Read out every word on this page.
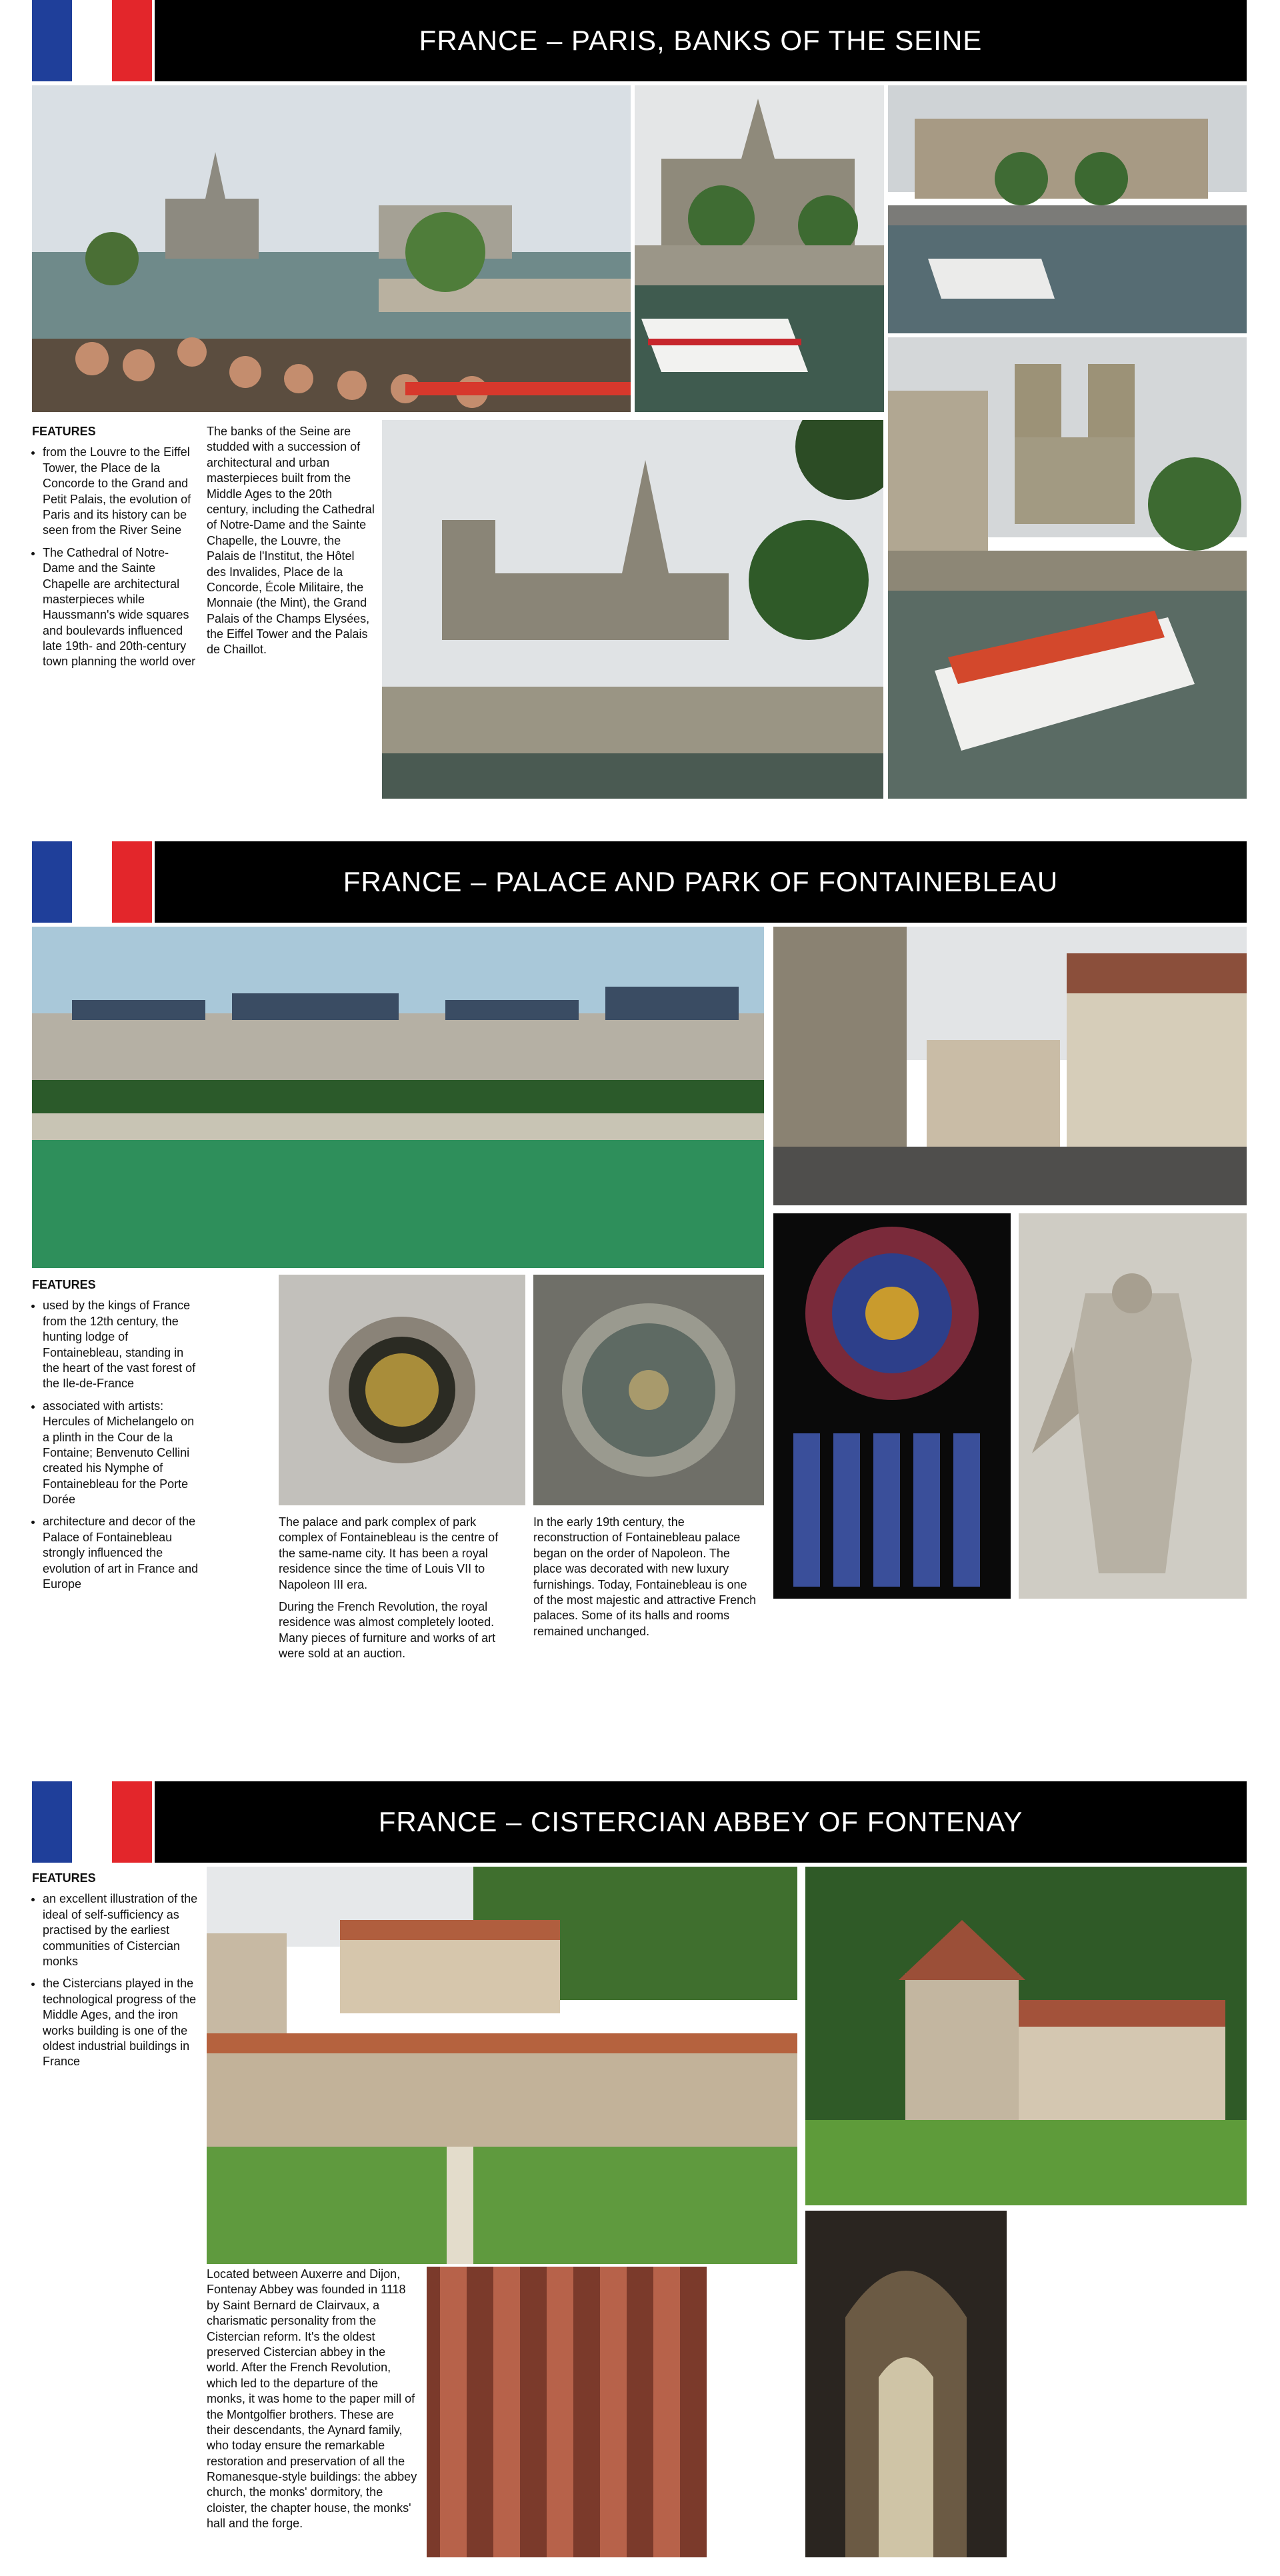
FRANCE – PARIS, BANKS OF THE SEINE
FEATURES
• from the Louvre to the Eiffel Tower, the Place de la Concorde to the Grand and Petit Palais, the evolution of Paris and its history can be seen from the River Seine
• The Cathedral of Notre-Dame and the Sainte Chapelle are architectural masterpieces while Haussmann's wide squares and boulevards influenced late 19th- and 20th-century town planning the world over

The banks of the Seine are studded with a succession of architectural and urban masterpieces built from the Middle Ages to the 20th century, including the Cathedral of Notre-Dame and the Sainte Chapelle, the Louvre, the Palais de l'Institut, the Hôtel des Invalides, Place de la Concorde, École Militaire, the Monnaie (the Mint), the Grand Palais of the Champs Elysées, the Eiffel Tower and the Palais de Chaillot.

FRANCE – PALACE AND PARK OF FONTAINEBLEAU
FEATURES
• used by the kings of France from the 12th century, the hunting lodge of Fontainebleau, standing in the heart of the vast forest of the Ile-de-France
• associated with artists: Hercules of Michelangelo on a plinth in the Cour de la Fontaine; Benvenuto Cellini created his Nymphe of Fontainebleau for the Porte Dorée
• architecture and decor of the Palace of Fontainebleau strongly influenced the evolution of art in France and Europe

The palace and park complex of park complex of Fontainebleau is the centre of the same-name city. It has been a royal residence since the time of Louis VII to Napoleon III era.

During the French Revolution, the royal residence was almost completely looted. Many pieces of furniture and works of art were sold at an auction.

In the early 19th century, the reconstruction of Fontainebleau palace began on the order of Napoleon. The place was decorated with new luxury furnishings. Today, Fontainebleau is one of the most majestic and attractive French palaces. Some of its halls and rooms remained unchanged.

FRANCE – CISTERCIAN ABBEY OF FONTENAY
FEATURES
• an excellent illustration of the ideal of self-sufficiency as practised by the earliest communities of Cistercian monks
• the Cistercians played in the technological progress of the Middle Ages, and the iron works building is one of the oldest industrial buildings in France

Located between Auxerre and Dijon, Fontenay Abbey was founded in 1118 by Saint Bernard de Clairvaux, a charismatic personality from the Cistercian reform. It's the oldest preserved Cistercian abbey in the world. After the French Revolution, which led to the departure of the monks, it was home to the paper mill of the Montgolfier brothers. These are their descendants, the Aynard family, who today ensure the remarkable restoration and preservation of all the Romanesque-style buildings: the abbey church, the monks' dormitory, the cloister, the chapter house, the monks' hall and the forge.
